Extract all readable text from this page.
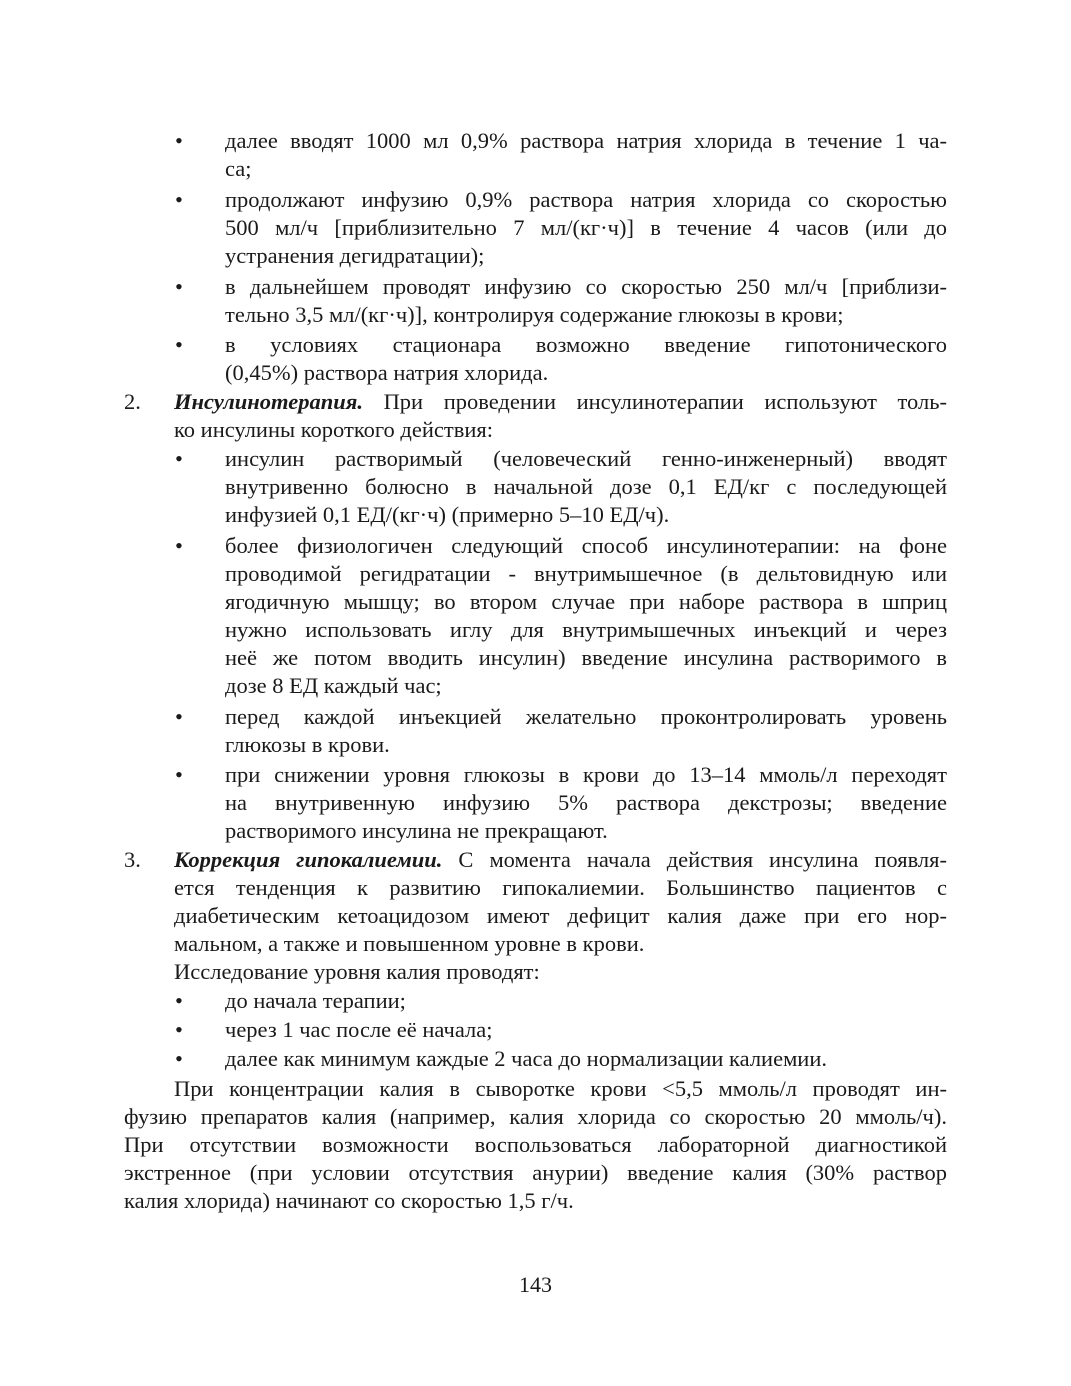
• далее вводят 1000 мл 0,9% раствора натрия хлорида в течение 1 ча-
са;
• продолжают инфузию 0,9% раствора натрия хлорида со скоростью
500 мл/ч [приблизительно 7 мл/(кг·ч)] в течение 4 часов (или до
устранения дегидратации);
• в дальнейшем проводят инфузию со скоростью 250 мл/ч [приблизи-
тельно 3,5 мл/(кг·ч)], контролируя содержание глюкозы в крови;
• в условиях стационара возможно введение гипотонического
(0,45%) раствора натрия хлорида.
2. Инсулинотерапия. При проведении инсулинотерапии используют толь-
ко инсулины короткого действия:
• инсулин растворимый (человеческий генно-инженерный) вводят
внутривенно болюсно в начальной дозе 0,1 ЕД/кг с последующей
инфузией 0,1 ЕД/(кг·ч) (примерно 5–10 ЕД/ч).
• более физиологичен следующий способ инсулинотерапии: на фоне
проводимой регидратации - внутримышечное (в дельтовидную или
ягодичную мышцу; во втором случае при наборе раствора в шприц
нужно использовать иглу для внутримышечных инъекций и через
неё же потом вводить инсулин) введение инсулина растворимого в
дозе 8 ЕД каждый час;
• перед каждой инъекцией желательно проконтролировать уровень
глюкозы в крови.
• при снижении уровня глюкозы в крови до 13–14 ммоль/л переходят
на внутривенную инфузию 5% раствора декстрозы; введение
растворимого инсулина не прекращают.
3. Коррекция гипокалиемии. С момента начала действия инсулина появля-
ется тенденция к развитию гипокалиемии. Большинство пациентов с
диабетическим кетоацидозом имеют дефицит калия даже при его нор-
мальном, а также и повышенном уровне в крови.
Исследование уровня калия проводят:
• до начала терапии;
• через 1 час после её начала;
• далее как минимум каждые 2 часа до нормализации калиемии.
При концентрации калия в сыворотке крови <5,5 ммоль/л проводят ин-
фузию препаратов калия (например, калия хлорида со скоростью 20 ммоль/ч).
При отсутствии возможности воспользоваться лабораторной диагностикой
экстренное (при условии отсутствия анурии) введение калия (30% раствор
калия хлорида) начинают со скоростью 1,5 г/ч.
143
